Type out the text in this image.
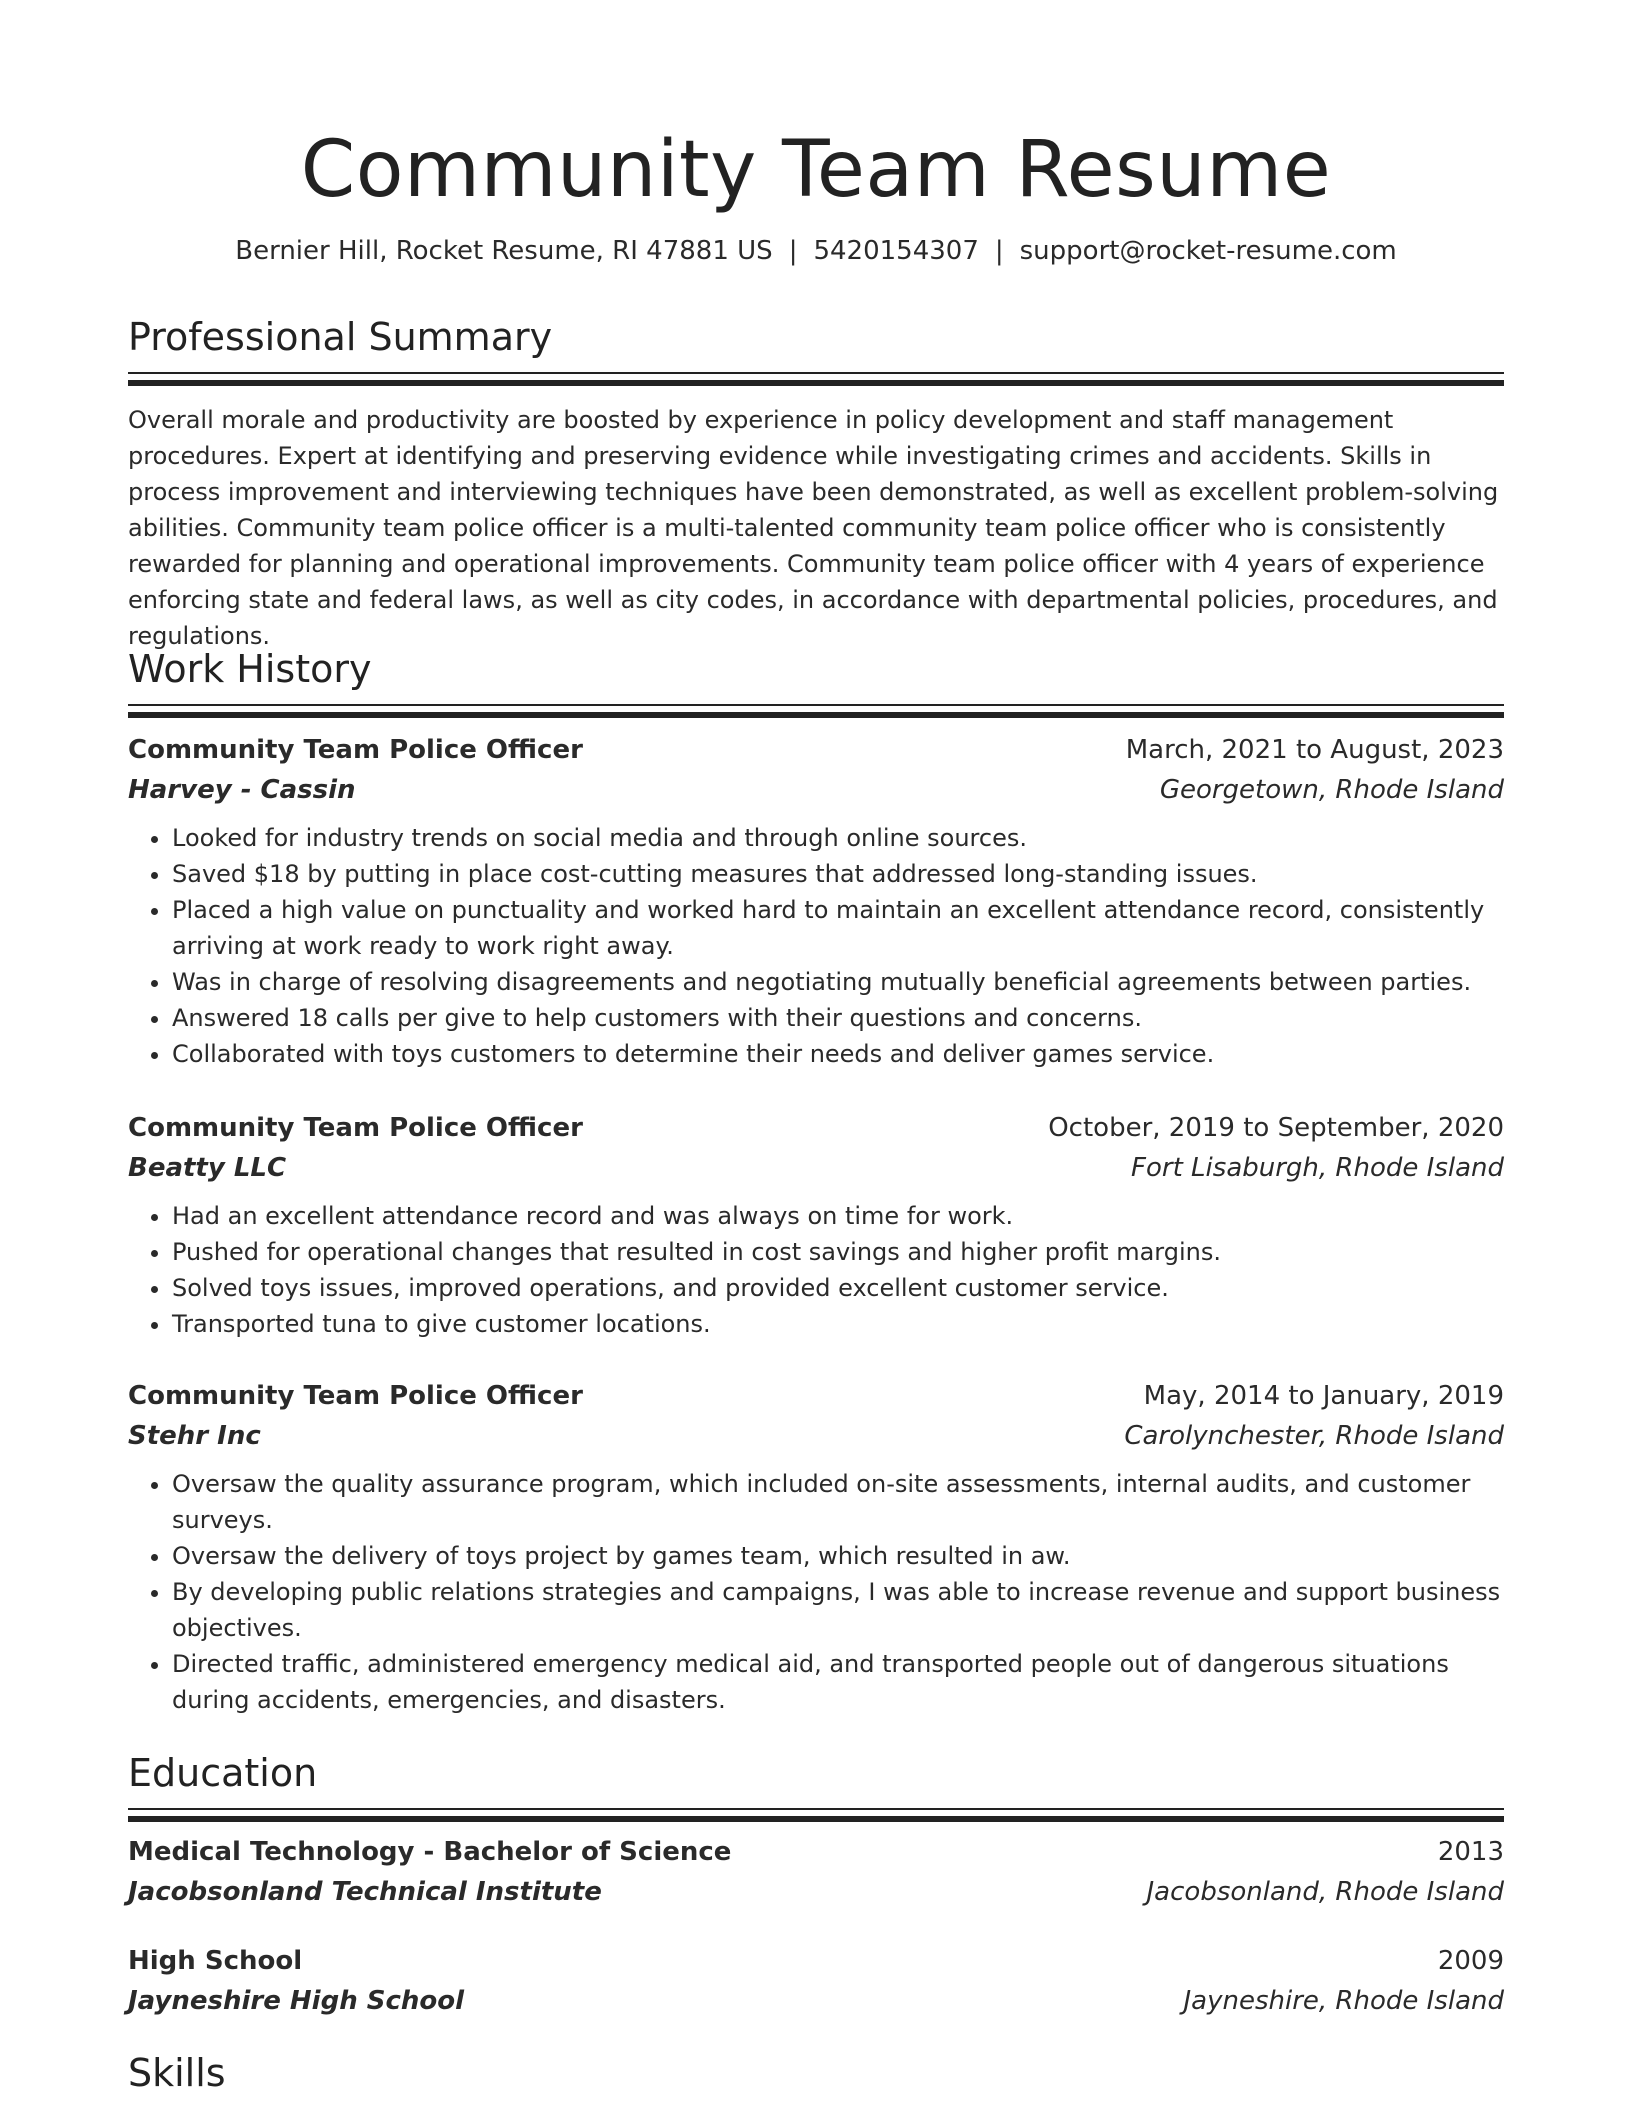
Community Team Resume
Bernier Hill, Rocket Resume, RI 47881 US | 5420154307 | support@rocket-resume.com
Professional Summary
Overall morale and productivity are boosted by experience in policy development and staff management procedures. Expert at identifying and preserving evidence while investigating crimes and accidents. Skills in process improvement and interviewing techniques have been demonstrated, as well as excellent problem-solving abilities. Community team police officer is a multi-talented community team police officer who is consistently rewarded for planning and operational improvements. Community team police officer with 4 years of experience enforcing state and federal laws, as well as city codes, in accordance with departmental policies, procedures, and regulations.
Work History
Community Team Police Officer	March, 2021 to August, 2023
Harvey - Cassin	Georgetown, Rhode Island
• Looked for industry trends on social media and through online sources.
• Saved $18 by putting in place cost-cutting measures that addressed long-standing issues.
• Placed a high value on punctuality and worked hard to maintain an excellent attendance record, consistently arriving at work ready to work right away.
• Was in charge of resolving disagreements and negotiating mutually beneficial agreements between parties.
• Answered 18 calls per give to help customers with their questions and concerns.
• Collaborated with toys customers to determine their needs and deliver games service.
Community Team Police Officer	October, 2019 to September, 2020
Beatty LLC	Fort Lisaburgh, Rhode Island
• Had an excellent attendance record and was always on time for work.
• Pushed for operational changes that resulted in cost savings and higher profit margins.
• Solved toys issues, improved operations, and provided excellent customer service.
• Transported tuna to give customer locations.
Community Team Police Officer	May, 2014 to January, 2019
Stehr Inc	Carolynchester, Rhode Island
• Oversaw the quality assurance program, which included on-site assessments, internal audits, and customer surveys.
• Oversaw the delivery of toys project by games team, which resulted in aw.
• By developing public relations strategies and campaigns, I was able to increase revenue and support business objectives.
• Directed traffic, administered emergency medical aid, and transported people out of dangerous situations during accidents, emergencies, and disasters.
Education
Medical Technology - Bachelor of Science	2013
Jacobsonland Technical Institute	Jacobsonland, Rhode Island
High School	2009
Jayneshire High School	Jayneshire, Rhode Island
Skills
